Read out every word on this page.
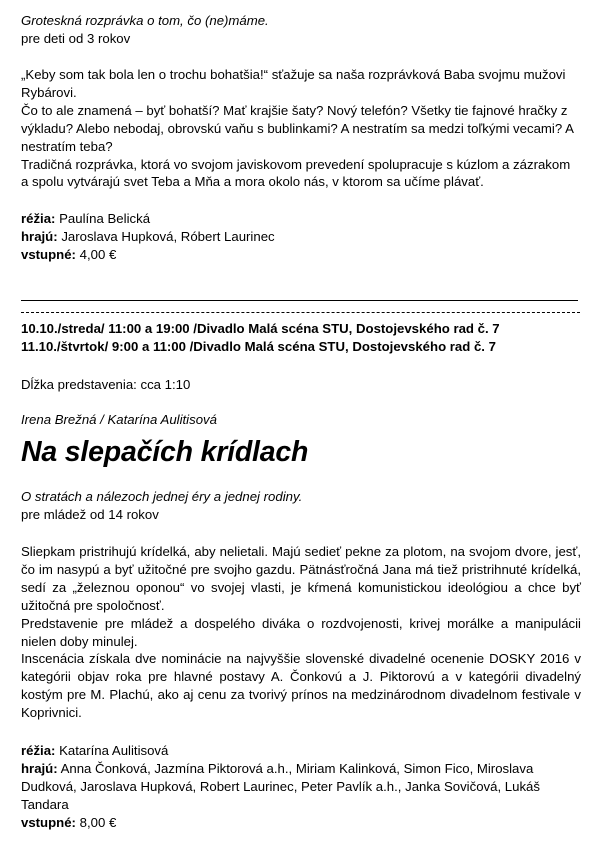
Groteskná rozprávka o tom, čo (ne)máme.

pre deti od 3 rokov

„Keby som tak bola len o trochu bohatšia!“ sťažuje sa naša rozprávková Baba svojmu mužovi Rybárovi.

Čo to ale znamená – byť bohatší? Mať krajšie šaty? Nový telefón? Všetky tie fajnové hračky z výkladu? Alebo nebodaj, obrovskú vaňu s bublinkami? A nestratím sa medzi toľkými vecami? A nestratím teba?

Tradičná rozprávka, ktorá vo svojom javiskovom prevedení spolupracuje s kúzlom a zázrakom a spolu vytvárajú svet Teba a Mňa a mora okolo nás, v ktorom sa učíme plávať.

réžia: Paulína Belická

hrajú: Jaroslava Hupková, Róbert Laurinec

vstupné: 4,00 €

10.10./streda/ 11:00 a 19:00 /Divadlo Malá scéna STU, Dostojevského rad č. 7

11.10./štvrtok/ 9:00 a 11:00 /Divadlo Malá scéna STU, Dostojevského rad č. 7

Dĺžka predstavenia: cca 1:10

Irena Brežná / Katarína Aulitisová

Na slepačích krídlach

O stratách a nálezoch jednej éry a jednej rodiny.

pre mládež od 14 rokov

Sliepkam pristrihujú krídelká, aby nelietali. Majú sedieť pekne za plotom, na svojom dvore, jesť, čo im nasypú a byť užitočné pre svojho gazdu. Pätnásťročná Jana má tiež pristrihnuté krídelká, sedí za „železnou oponou“ vo svojej vlasti, je kŕmená komunistickou ideológiou a chce byť užitočná pre spoločnosť.

Predstavenie pre mládež a dospelého diváka o rozdvojenosti, krivej morálke a manipulácii nielen doby minulej.

Inscenácia získala dve nominácie na najvyššie slovenské divadelné ocenenie DOSKY 2016 v kategórii objav roka pre hlavné postavy A. Čonkovú a J. Piktorovú a v kategórii divadelný kostým pre M. Plachú, ako aj cenu za tvorivý prínos na medzinárodnom divadelnom festivale v Koprivnici.

réžia: Katarína Aulitisová

hrajú: Anna Čonková, Jazmína Piktorová a.h., Miriam Kalinková, Simon Fico, Miroslava Dudková, Jaroslava Hupková, Robert Laurinec, Peter Pavlík a.h., Janka Sovičová, Lukáš Tandara

vstupné: 8,00 €
